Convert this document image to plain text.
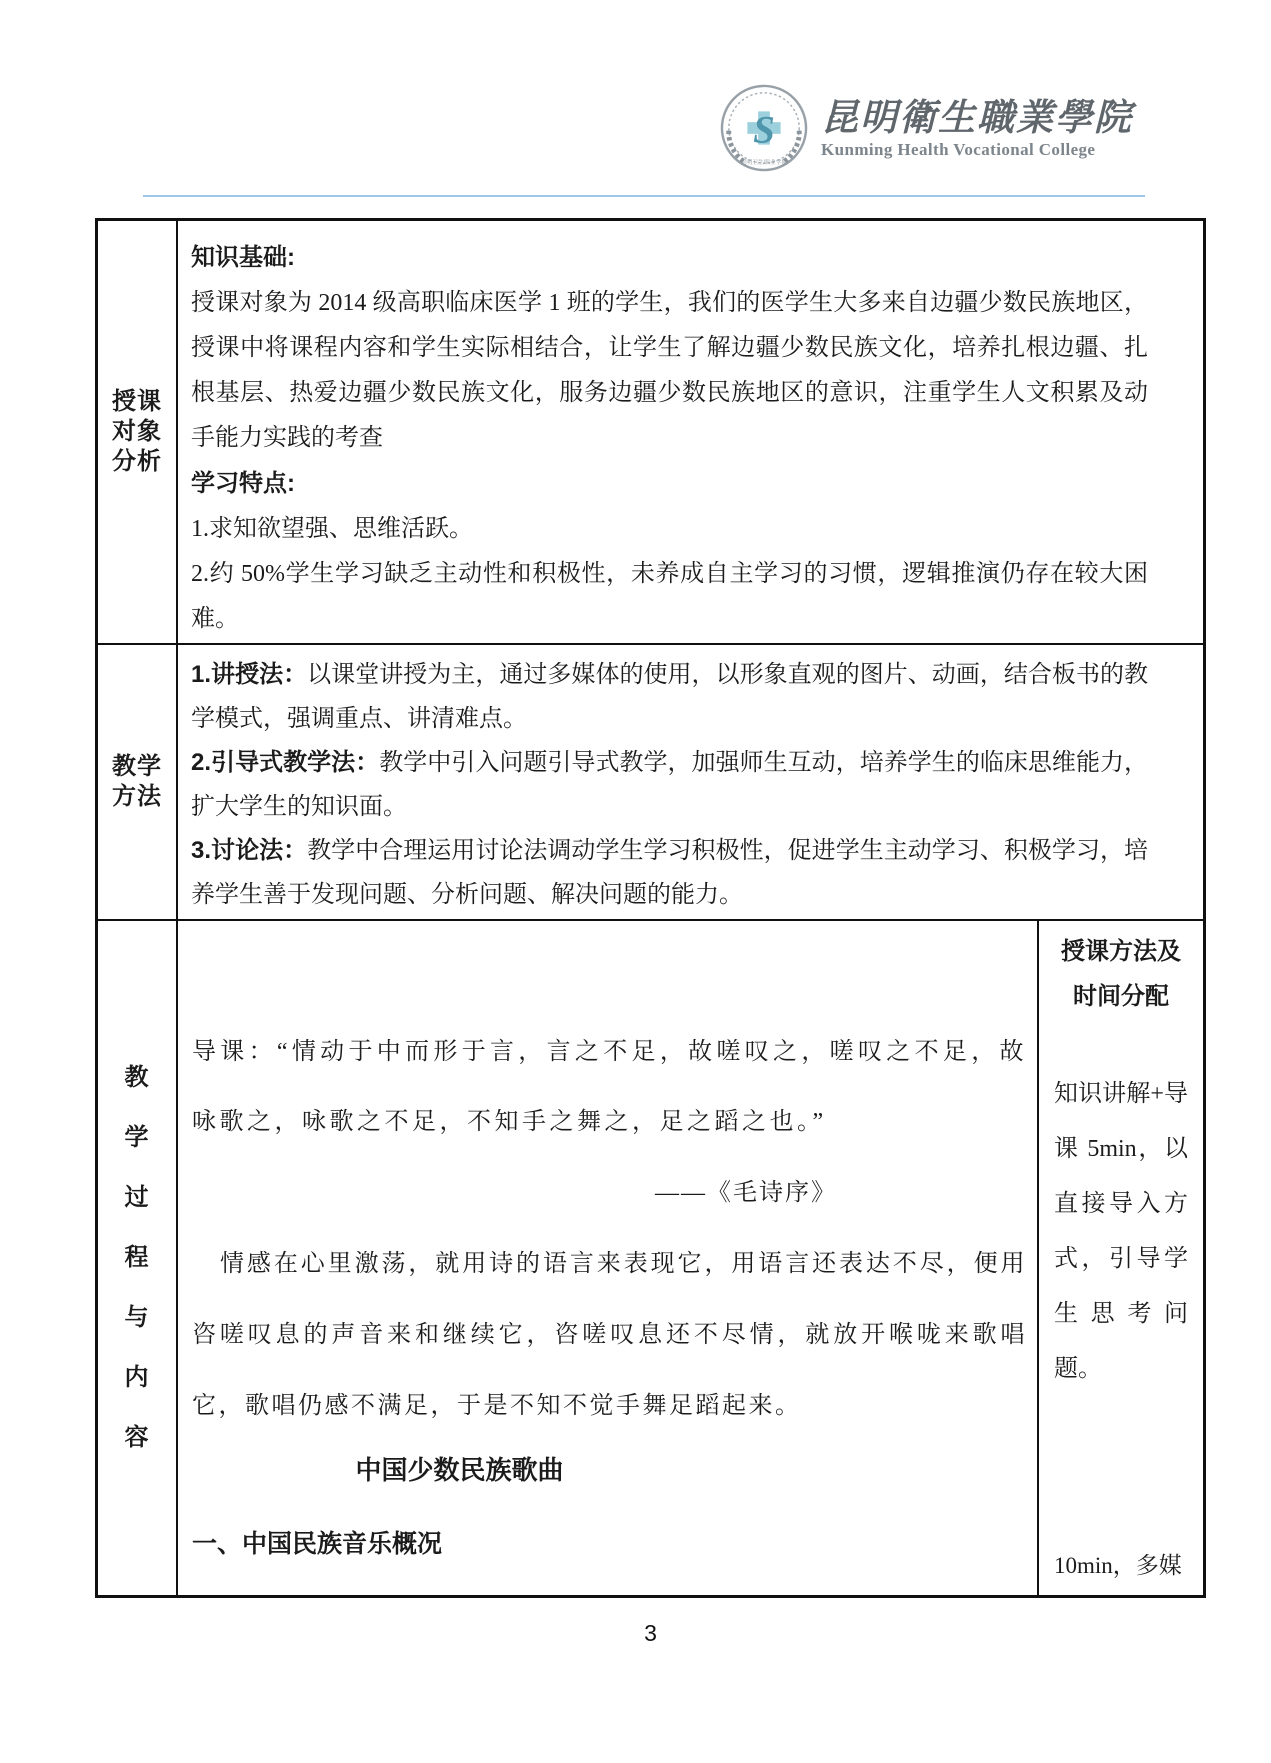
S
昆明卫生职业学院
昆明衛生職業學院
Kunming Health Vocational College
授课
对象
分析
知识基础:

授课对象为 2014 级高职临床医学 1 班的学生，我们的医学生大多来自边疆少数民族地区，授课中将课程内容和学生实际相结合，让学生了解边疆少数民族文化，培养扎根边疆、扎根基层、热爱边疆少数民族文化，服务边疆少数民族地区的意识，注重学生人文积累及动手能力实践的考查

学习特点:

1.求知欲望强、思维活跃。

2.约 50%学生学习缺乏主动性和积极性，未养成自主学习的习惯，逻辑推演仍存在较大困难。

教学
方法

1.讲授法：以课堂讲授为主，通过多媒体的使用，以形象直观的图片、动画，结合板书的教学模式，强调重点、讲清难点。

2.引导式教学法：教学中引入问题引导式教学，加强师生互动，培养学生的临床思维能力，扩大学生的知识面。

3.讨论法：教学中合理运用讨论法调动学生学习积极性，促进学生主动学习、积极学习，培养学生善于发现问题、分析问题、解决问题的能力。

教
学
过
程
与
内
容

导课：“情动于中而形于言，言之不足，故嗟叹之，嗟叹之不足，故咏歌之，咏歌之不足，不知手之舞之，足之蹈之也。”

——《毛诗序》

情感在心里激荡，就用诗的语言来表现它，用语言还表达不尽，便用咨嗟叹息的声音来和继续它，咨嗟叹息还不尽情，就放开喉咙来歌唱它，歌唱仍感不满足，于是不知不觉手舞足蹈起来。

中国少数民族歌曲
一、中国民族音乐概况
授课方法及时间分配
知识讲解+导课 5min，以直接导入方式，引导学生思考问题。
10min，多媒
3
